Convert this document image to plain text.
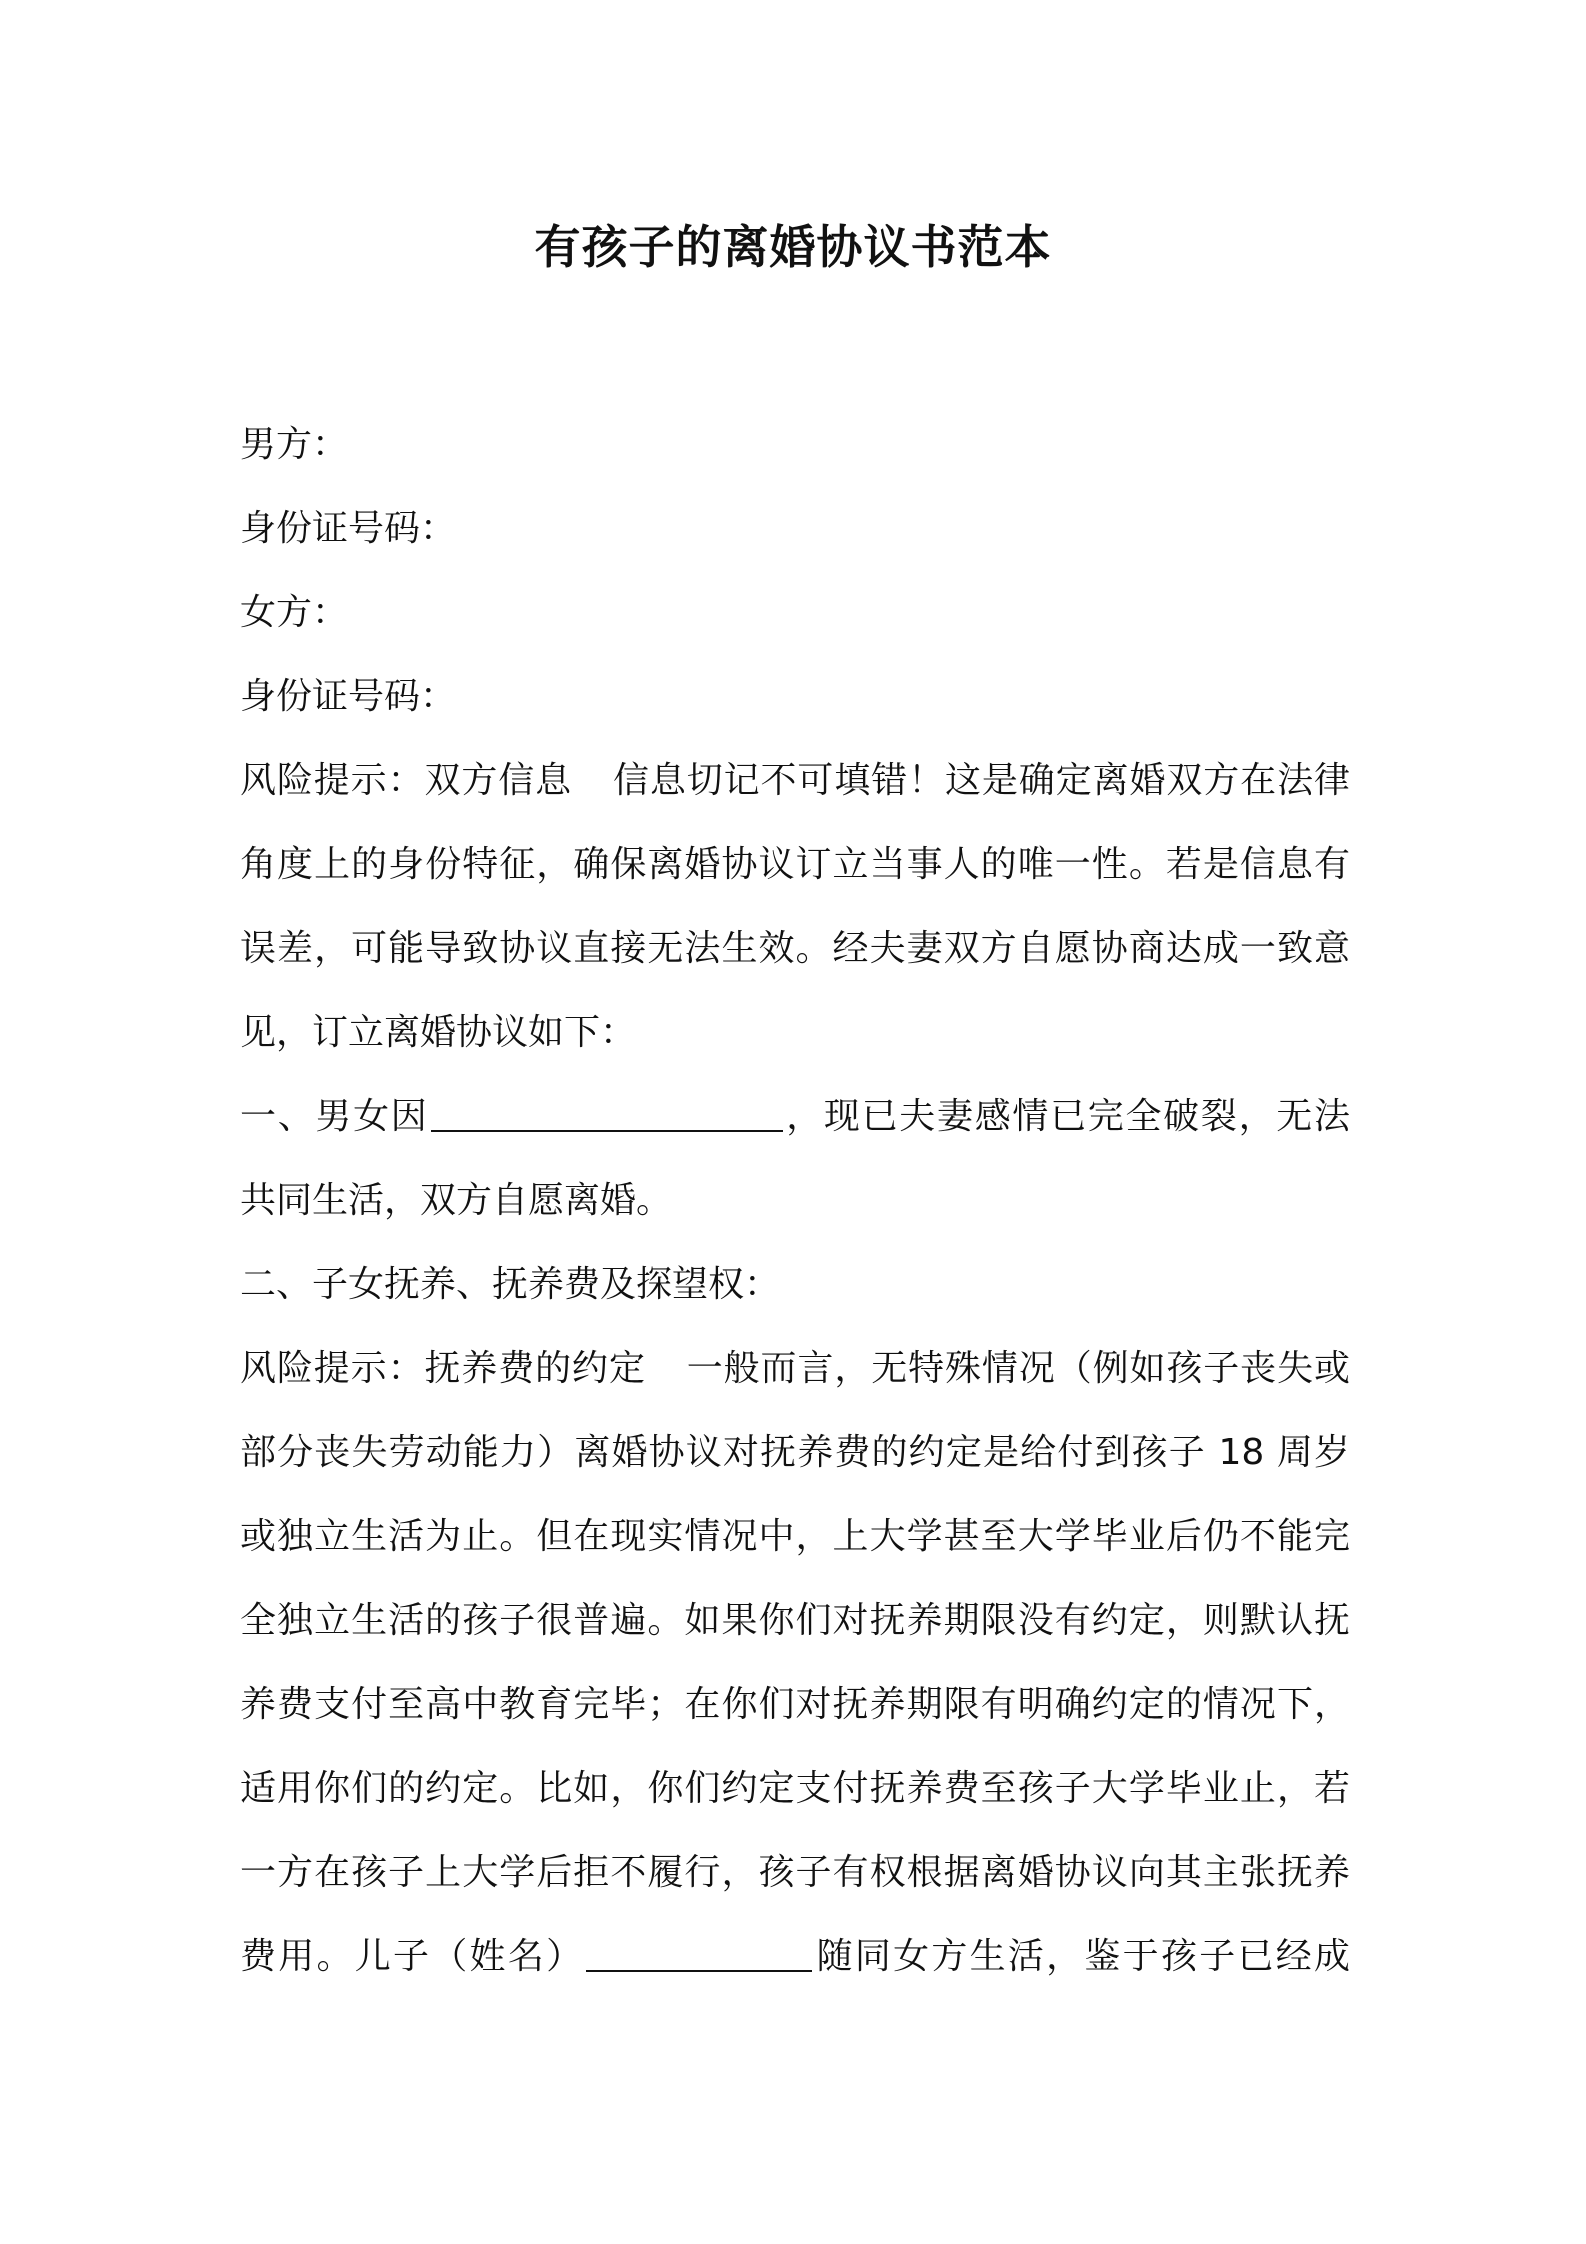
有孩子的离婚协议书范本
男方：
身份证号码：
女方：
身份证号码：
风险提示：双方信息 信息切记不可填错！这是确定离婚双方在法律
角度上的身份特征，确保离婚协议订立当事人的唯一性。若是信息有
误差，可能导致协议直接无法生效。经夫妻双方自愿协商达成一致意
见，订立离婚协议如下：
一、男女因	，现已夫妻感情已完全破裂，无法
共同生活，双方自愿离婚。
二、子女抚养、抚养费及探望权：
风险提示：抚养费的约定 一般而言，无特殊情况（例如孩子丧失或
部分丧失劳动能力）离婚协议对抚养费的约定是给付到孩子 18 周岁
或独立生活为止。但在现实情况中，上大学甚至大学毕业后仍不能完
全独立生活的孩子很普遍。如果你们对抚养期限没有约定，则默认抚
养费支付至高中教育完毕；在你们对抚养期限有明确约定的情况下，
适用你们的约定。比如，你们约定支付抚养费至孩子大学毕业止，若
一方在孩子上大学后拒不履行，孩子有权根据离婚协议向其主张抚养
费用。儿子（姓名）	随同女方生活，鉴于孩子已经成
